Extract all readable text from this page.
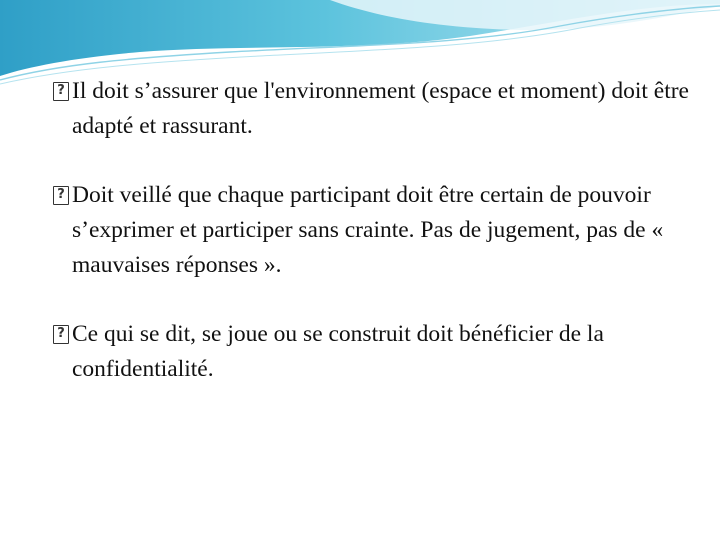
?
Il doit s’assurer que l'environnement (espace et moment) doit être adapté et rassurant.
?
Doit veillé que chaque participant doit être certain de pouvoir s’exprimer et participer sans crainte. Pas de jugement, pas de « mauvaises réponses ».
?
Ce qui se dit, se joue ou se construit doit bénéficier de la confidentialité.
